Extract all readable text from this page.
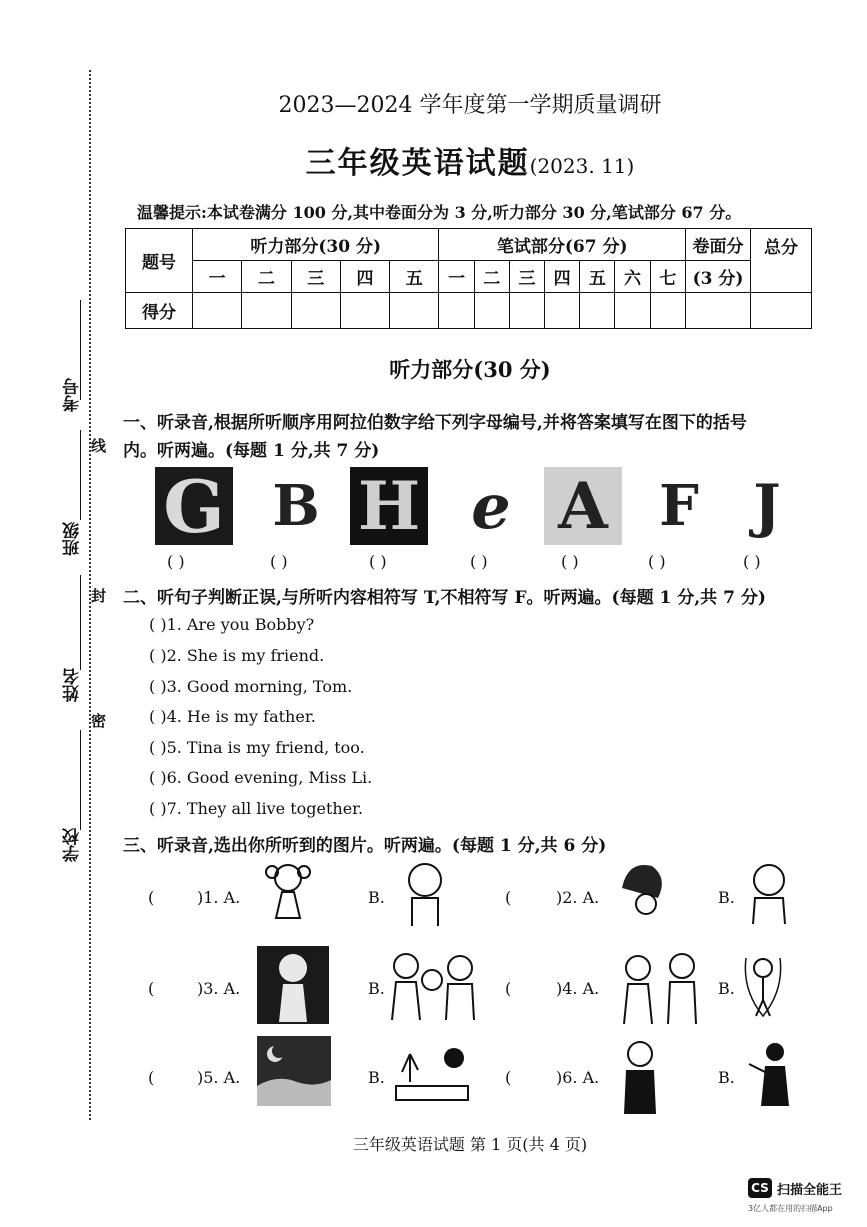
考号
班级
姓名
学校
线
封
密
2023—2024 学年度第一学期质量调研
三年级英语试题(2023. 11)
温馨提示:本试卷满分 100 分,其中卷面分为 3 分,听力部分 30 分,笔试部分 67 分。
题号	听力部分(30 分)					笔试部分(67 分)							卷面分	总分
	一	二	三	四	五	一	二	三	四	五	六	七	(3 分)	
得分														
听力部分(30 分)
一、听录音,根据所听顺序用阿拉伯数字给下列字母编号,并将答案填写在图下的括号
内。听两遍。(每题 1 分,共 7 分)
G B H e A F J
( )	( )	( )	( )	( )	( )	( )
二、听句子判断正误,与所听内容相符写 T,不相符写 F。听两遍。(每题 1 分,共 7 分)
( )1. Are you Bobby?
( )2. She is my friend.
( )3. Good morning, Tom.
( )4. He is my father.
( )5. Tina is my friend, too.
( )6. Good evening, Miss Li.
( )7. They all live together.
三、听录音,选出你所听到的图片。听两遍。(每题 1 分,共 6 分)
(	)1. A.	B.	(	)2. A.	B.
(	)3. A.	B.	(	)4. A.	B.
(	)5. A.	B.	(	)6. A.	B.
三年级英语试题 第 1 页(共 4 页)
CS 扫描全能王
3亿人都在用的扫描App
